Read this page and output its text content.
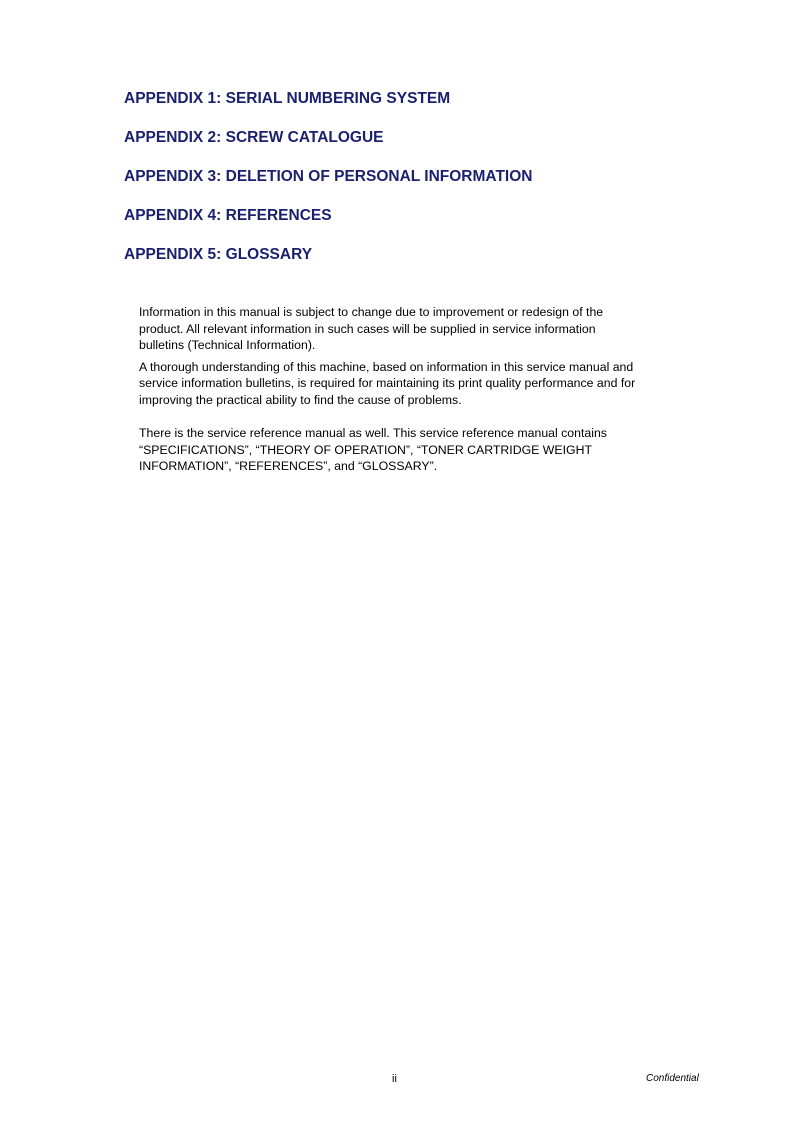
APPENDIX 1: SERIAL NUMBERING SYSTEM
APPENDIX 2: SCREW CATALOGUE
APPENDIX 3: DELETION OF PERSONAL INFORMATION
APPENDIX 4: REFERENCES
APPENDIX 5: GLOSSARY

Information in this manual is subject to change due to improvement or redesign of the
product. All relevant information in such cases will be supplied in service information
bulletins (Technical Information).

A thorough understanding of this machine, based on information in this service manual and
service information bulletins, is required for maintaining its print quality performance and for
improving the practical ability to find the cause of problems.

There is the service reference manual as well. This service reference manual contains
“SPECIFICATIONS”, “THEORY OF OPERATION”, “TONER CARTRIDGE WEIGHT
INFORMATION”, “REFERENCES”, and “GLOSSARY”.

ii	Confidential
